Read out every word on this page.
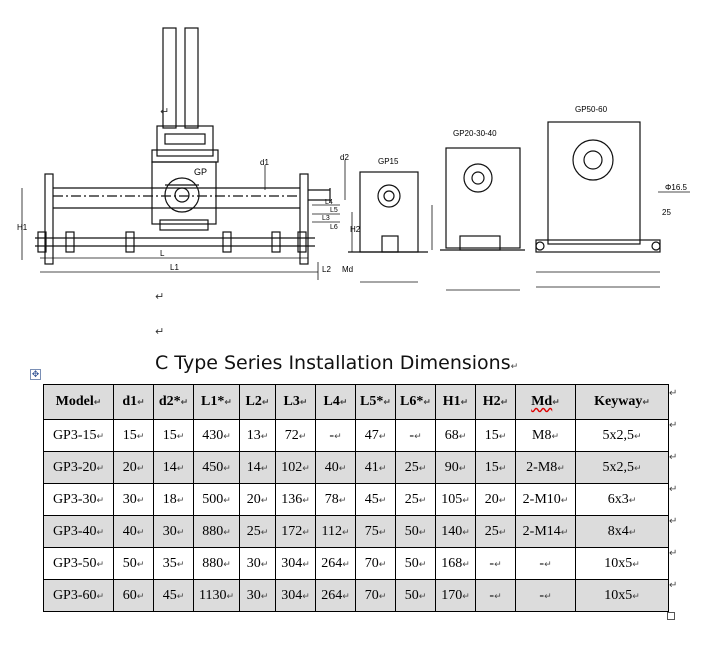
GP
d1
d2
L5
L3
L6
L4
H1	H2
L
L1	L2 Md
GP15
GP20-30-40
GP50-60
Φ16.5
25
↵
↵
↵
C Type Series Installation Dimensions↵
✥
Model↵	d1↵	d2*↵	L1*↵	L2↵	L3↵	L4↵	L5*↵	L6*↵	H1↵	H2↵	Md↵	Keyway↵
GP3-15↵	15↵	15↵	430↵	13↵	72↵	-↵	47↵	-↵	68↵	15↵	M8↵	5x2,5↵
GP3-20↵	20↵	14↵	450↵	14↵	102↵	40↵	41↵	25↵	90↵	15↵	2-M8↵	5x2,5↵
GP3-30↵	30↵	18↵	500↵	20↵	136↵	78↵	45↵	25↵	105↵	20↵	2-M10↵	6x3↵
GP3-40↵	40↵	30↵	880↵	25↵	172↵	112↵	75↵	50↵	140↵	25↵	2-M14↵	8x4↵
GP3-50↵	50↵	35↵	880↵	30↵	304↵	264↵	70↵	50↵	168↵	-↵	-↵	10x5↵
GP3-60↵	60↵	45↵	1130↵	30↵	304↵	264↵	70↵	50↵	170↵	-↵	-↵	10x5↵
↵
↵
↵
↵
↵
↵
↵
